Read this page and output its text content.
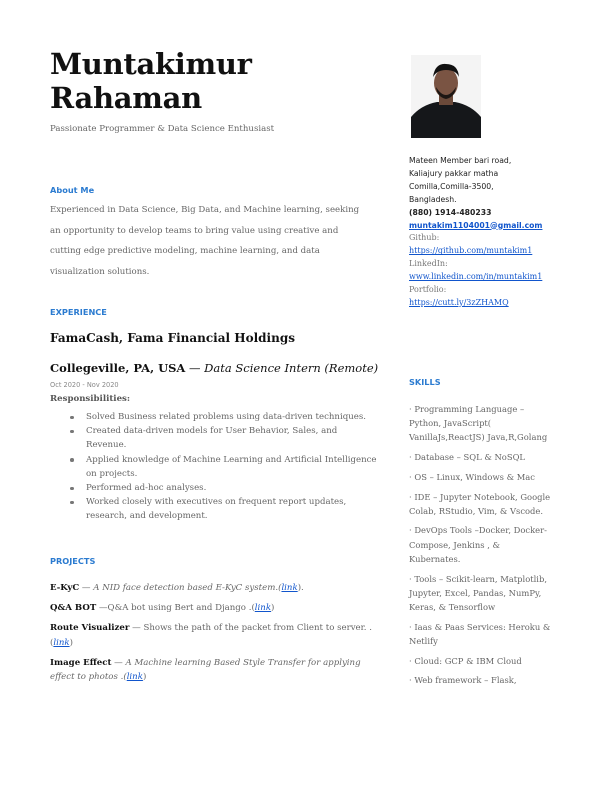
Muntakimur
Rahaman
Passionate Programmer & Data Science Enthusiast
About Me
Experienced in Data Science, Big Data, and Machine learning, seeking an opportunity to develop teams to bring value using creative and cutting edge predictive modeling, machine learning, and data visualization solutions.
EXPERIENCE
FamaCash, Fama Financial Holdings
Collegeville, PA, USA — Data Science Intern (Remote)
Oct 2020 - Nov 2020
Responsibilities:
Solved Business related problems using data-driven techniques.
Created data-driven models for User Behavior, Sales, and Revenue.
Applied knowledge of Machine Learning and Artificial Intelligence on projects.
Performed ad-hoc analyses.
Worked closely with executives on frequent report updates, research, and development.
PROJECTS
E-KyC — A NID face detection based E-KyC system.(link).
Q&A BOT —Q&A bot using Bert and Django .(link)
Route Visualizer — Shows the path of the packet from Client to server. .(link)
Image Effect — A Machine learning Based Style Transfer for applying effect to photos .(link)
Mateen Member bari road,
Kaliajury pakkar matha
Comilla,Comilla-3500,
Bangladesh.
(880) 1914-480233
muntakim1104001@gmail.com
Github:
https://github.com/muntakim1
LinkedIn:
www.linkedin.com/in/muntakim1
Portfolio:
https://cutt.ly/3zZHAMQ
SKILLS
· Programming Language – Python, JavaScript( VanillaJs,ReactJS) Java,R,Golang
· Database – SQL & NoSQL
· OS – Linux, Windows & Mac
· IDE – Jupyter Notebook, Google Colab, RStudio, Vim, & Vscode.
· DevOps Tools –Docker, Docker-Compose, Jenkins , & Kubernates.
· Tools – Scikit-learn, Matplotlib, Jupyter, Excel, Pandas, NumPy, Keras, & Tensorflow
· Iaas & Paas Services: Heroku & Netlify
· Cloud: GCP & IBM Cloud
· Web framework – Flask,
